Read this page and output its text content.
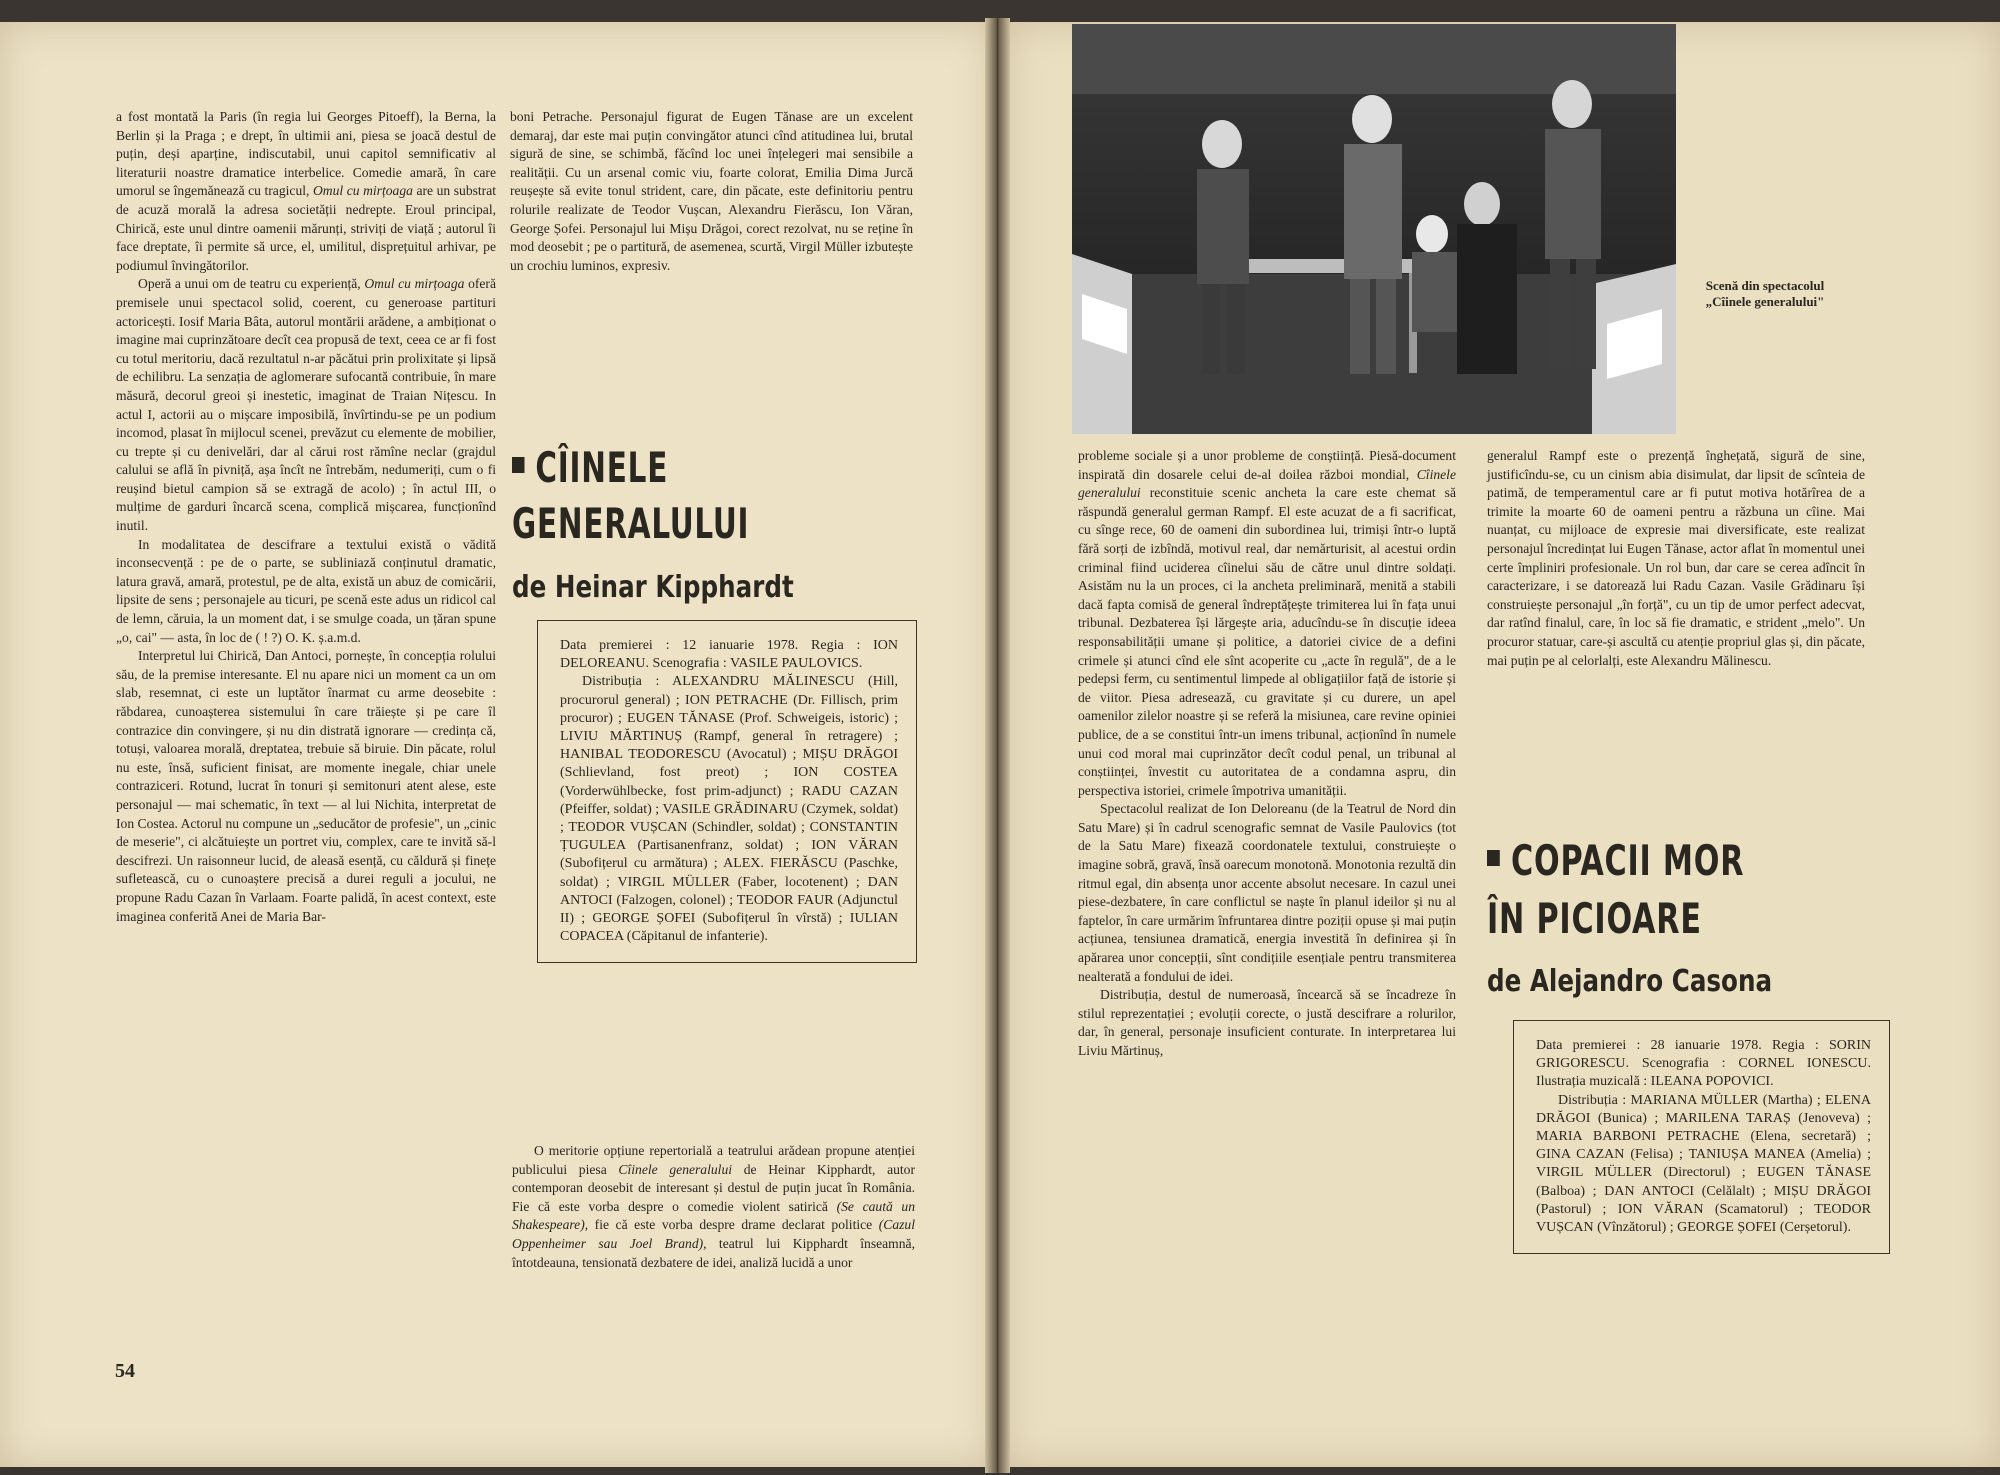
a fost montată la Paris (în regia lui Georges Pitoeff), la Berna, la Berlin și la Praga ; e drept, în ultimii ani, piesa se joacă destul de puțin, deși aparține, indiscutabil, unui capitol semnificativ al literaturii noastre dramatice interbelice. Comedie amară, în care umorul se îngemănează cu tragicul, Omul cu mirțoaga are un substrat de acuză morală la adresa societății nedrepte. Eroul principal, Chirică, este unul dintre oamenii mărunți, striviți de viață ; autorul îi face dreptate, îi permite să urce, el, umilitul, disprețuitul arhivar, pe podiumul învingătorilor.

Operă a unui om de teatru cu experiență, Omul cu mirțoaga oferă premisele unui spectacol solid, coerent, cu generoase partituri actoricești. Iosif Maria Bâta, autorul montării arădene, a ambiționat o imagine mai cuprinzătoare decît cea propusă de text, ceea ce ar fi fost cu totul meritoriu, dacă rezultatul n-ar păcătui prin prolixitate și lipsă de echilibru. La senzația de aglomerare sufocantă contribuie, în mare măsură, decorul greoi și inestetic, imaginat de Traian Nițescu. In actul I, actorii au o mișcare imposibilă, învîrtindu-se pe un podium incomod, plasat în mijlocul scenei, prevăzut cu elemente de mobilier, cu trepte și cu denivelări, dar al cărui rost rămîne neclar (grajdul calului se află în pivniță, așa încît ne întrebăm, nedumeriți, cum o fi reușind bietul campion să se extragă de acolo) ; în actul III, o mulțime de garduri încarcă scena, complică mișcarea, funcționînd inutil.

In modalitatea de descifrare a textului există o vădită inconsecvență : pe de o parte, se subliniază conținutul dramatic, latura gravă, amară, protestul, pe de alta, există un abuz de comicării, lipsite de sens ; personajele au ticuri, pe scenă este adus un ridicol cal de lemn, căruia, la un moment dat, i se smulge coada, un țăran spune „o, cai" — asta, în loc de ( ! ?) O. K. ș.a.m.d.

Interpretul lui Chirică, Dan Antoci, pornește, în concepția rolului său, de la premise interesante. El nu apare nici un moment ca un om slab, resemnat, ci este un luptător înarmat cu arme deosebite : răbdarea, cunoașterea sistemului în care trăiește și pe care îl contrazice din convingere, și nu din distrată ignorare — credința că, totuși, valoarea morală, dreptatea, trebuie să biruie. Din păcate, rolul nu este, însă, suficient finisat, are momente inegale, chiar unele contraziceri. Rotund, lucrat în tonuri și semitonuri atent alese, este personajul — mai schematic, în text — al lui Nichita, interpretat de Ion Costea. Actorul nu compune un „seducător de profesie", un „cinic de meserie", ci alcătuiește un portret viu, complex, care te invită să-l descifrezi. Un raisonneur lucid, de aleasă esență, cu căldură și finețe sufletească, cu o cunoaștere precisă a durei reguli a jocului, ne propune Radu Cazan în Varlaam. Foarte palidă, în acest context, este imaginea conferită Anei de Maria Bar-

54

boni Petrache. Personajul figurat de Eugen Tănase are un excelent demaraj, dar este mai puțin convingător atunci cînd atitudinea lui, brutal sigură de sine, se schimbă, făcînd loc unei înțelegeri mai sensibile a realității. Cu un arsenal comic viu, foarte colorat, Emilia Dima Jurcă reușește să evite tonul strident, care, din păcate, este definitoriu pentru rolurile realizate de Teodor Vușcan, Alexandru Fierăscu, Ion Văran, George Șofei. Personajul lui Mișu Drăgoi, corect rezolvat, nu se reține în mod deosebit ; pe o partitură, de asemenea, scurtă, Virgil Müller izbutește un crochiu luminos, expresiv.

CÎINELE
GENERALULUI
de Heinar Kipphardt

Data premierei : 12 ianuarie 1978. Regia : ION DELOREANU. Scenografia : VASILE PAULOVICS.

Distribuția : ALEXANDRU MĂLINESCU (Hill, procurorul general) ; ION PETRACHE (Dr. Fillisch, prim procuror) ; EUGEN TĂNASE (Prof. Schweigeis, istoric) ; LIVIU MĂRTINUȘ (Rampf, general în retragere) ; HANIBAL TEODORESCU (Avocatul) ; MIȘU DRĂGOI (Schlievland, fost preot) ; ION COSTEA (Vorderwühlbecke, fost prim-adjunct) ; RADU CAZAN (Pfeiffer, soldat) ; VASILE GRĂDINARU (Czymek, soldat) ; TEODOR VUȘCAN (Schindler, soldat) ; CONSTANTIN ȚUGULEA (Partisanenfranz, soldat) ; ION VĂRAN (Subofițerul cu armătura) ; ALEX. FIERĂSCU (Paschke, soldat) ; VIRGIL MÜLLER (Faber, locotenent) ; DAN ANTOCI (Falzogen, colonel) ; TEODOR FAUR (Adjunctul II) ; GEORGE ȘOFEI (Subofițerul în vîrstă) ; IULIAN COPACEA (Căpitanul de infanterie).

O meritorie opțiune repertorială a teatrului arădean propune atenției publicului piesa Cîinele generalului de Heinar Kipphardt, autor contemporan deosebit de interesant și destul de puțin jucat în România. Fie că este vorba despre o comedie violent satirică (Se caută un Shakespeare), fie că este vorba despre drame declarat politice (Cazul Oppenheimer sau Joel Brand), teatrul lui Kipphardt înseamnă, întotdeauna, tensionată dezbatere de idei, analiză lucidă a unor

Scenă din spectacolul „Cîinele generalului"

probleme sociale și a unor probleme de conștiință. Piesă-document inspirată din dosarele celui de-al doilea război mondial, Cîinele generalului reconstituie scenic ancheta la care este chemat să răspundă generalul german Rampf. El este acuzat de a fi sacrificat, cu sînge rece, 60 de oameni din subordinea lui, trimiși într-o luptă fără sorți de izbîndă, motivul real, dar nemărturisit, al acestui ordin criminal fiind uciderea cîinelui său de către unul dintre soldați. Asistăm nu la un proces, ci la ancheta preliminară, menită a stabili dacă fapta comisă de general îndreptățește trimiterea lui în fața unui tribunal. Dezbaterea își lărgește aria, aducîndu-se în discuție ideea responsabilității umane și politice, a datoriei civice de a defini crimele și atunci cînd ele sînt acoperite cu „acte în regulă", de a le pedepsi ferm, cu sentimentul limpede al obligațiilor față de istorie și de viitor. Piesa adresează, cu gravitate și cu durere, un apel oamenilor zilelor noastre și se referă la misiunea, care revine opiniei publice, de a se constitui într-un imens tribunal, acționînd în numele unui cod moral mai cuprinzător decît codul penal, un tribunal al conștiinței, învestit cu autoritatea de a condamna aspru, din perspectiva istoriei, crimele împotriva umanității.

Spectacolul realizat de Ion Deloreanu (de la Teatrul de Nord din Satu Mare) și în cadrul scenografic semnat de Vasile Paulovics (tot de la Satu Mare) fixează coordonatele textului, construiește o imagine sobră, gravă, însă oarecum monotonă. Monotonia rezultă din ritmul egal, din absența unor accente absolut necesare. In cazul unei piese-dezbatere, în care conflictul se naște în planul ideilor și nu al faptelor, în care urmărim înfruntarea dintre poziții opuse și mai puțin acțiunea, tensiunea dramatică, energia investită în definirea și în apărarea unor concepții, sînt condițiile esențiale pentru transmiterea nealterată a fondului de idei.

Distribuția, destul de numeroasă, încearcă să se încadreze în stilul reprezentației ; evoluții corecte, o justă descifrare a rolurilor, dar, în general, personaje insuficient conturate. In interpretarea lui Liviu Mărtinuș,

generalul Rampf este o prezență înghețată, sigură de sine, justificîndu-se, cu un cinism abia disimulat, dar lipsit de scînteia de patimă, de temperamentul care ar fi putut motiva hotărîrea de a trimite la moarte 60 de oameni pentru a răzbuna un cîine. Mai nuanțat, cu mijloace de expresie mai diversificate, este realizat personajul încredințat lui Eugen Tănase, actor aflat în momentul unei certe împliniri profesionale. Un rol bun, dar care se cerea adîncit în caracterizare, i se datorează lui Radu Cazan. Vasile Grădinaru își construiește personajul „în forță", cu un tip de umor perfect adecvat, dar ratînd finalul, care, în loc să fie dramatic, e strident „melo". Un procuror statuar, care-și ascultă cu atenție propriul glas și, din păcate, mai puțin pe al celorlalți, este Alexandru Mălinescu.

COPACII MOR
ÎN PICIOARE
de Alejandro Casona

Data premierei : 28 ianuarie 1978. Regia : SORIN GRIGORESCU. Scenografia : CORNEL IONESCU. Ilustrația muzicală : ILEANA POPOVICI.

Distribuția : MARIANA MÜLLER (Martha) ; ELENA DRĂGOI (Bunica) ; MARILENA TARAȘ (Jenoveva) ; MARIA BARBONI PETRACHE (Elena, secretară) ; GINA CAZAN (Felisa) ; TANIUȘA MANEA (Amelia) ; VIRGIL MÜLLER (Directorul) ; EUGEN TĂNASE (Balboa) ; DAN ANTOCI (Celălalt) ; MIȘU DRĂGOI (Pastorul) ; ION VĂRAN (Scamatorul) ; TEODOR VUȘCAN (Vînzătorul) ; GEORGE ȘOFEI (Cerșetorul).
